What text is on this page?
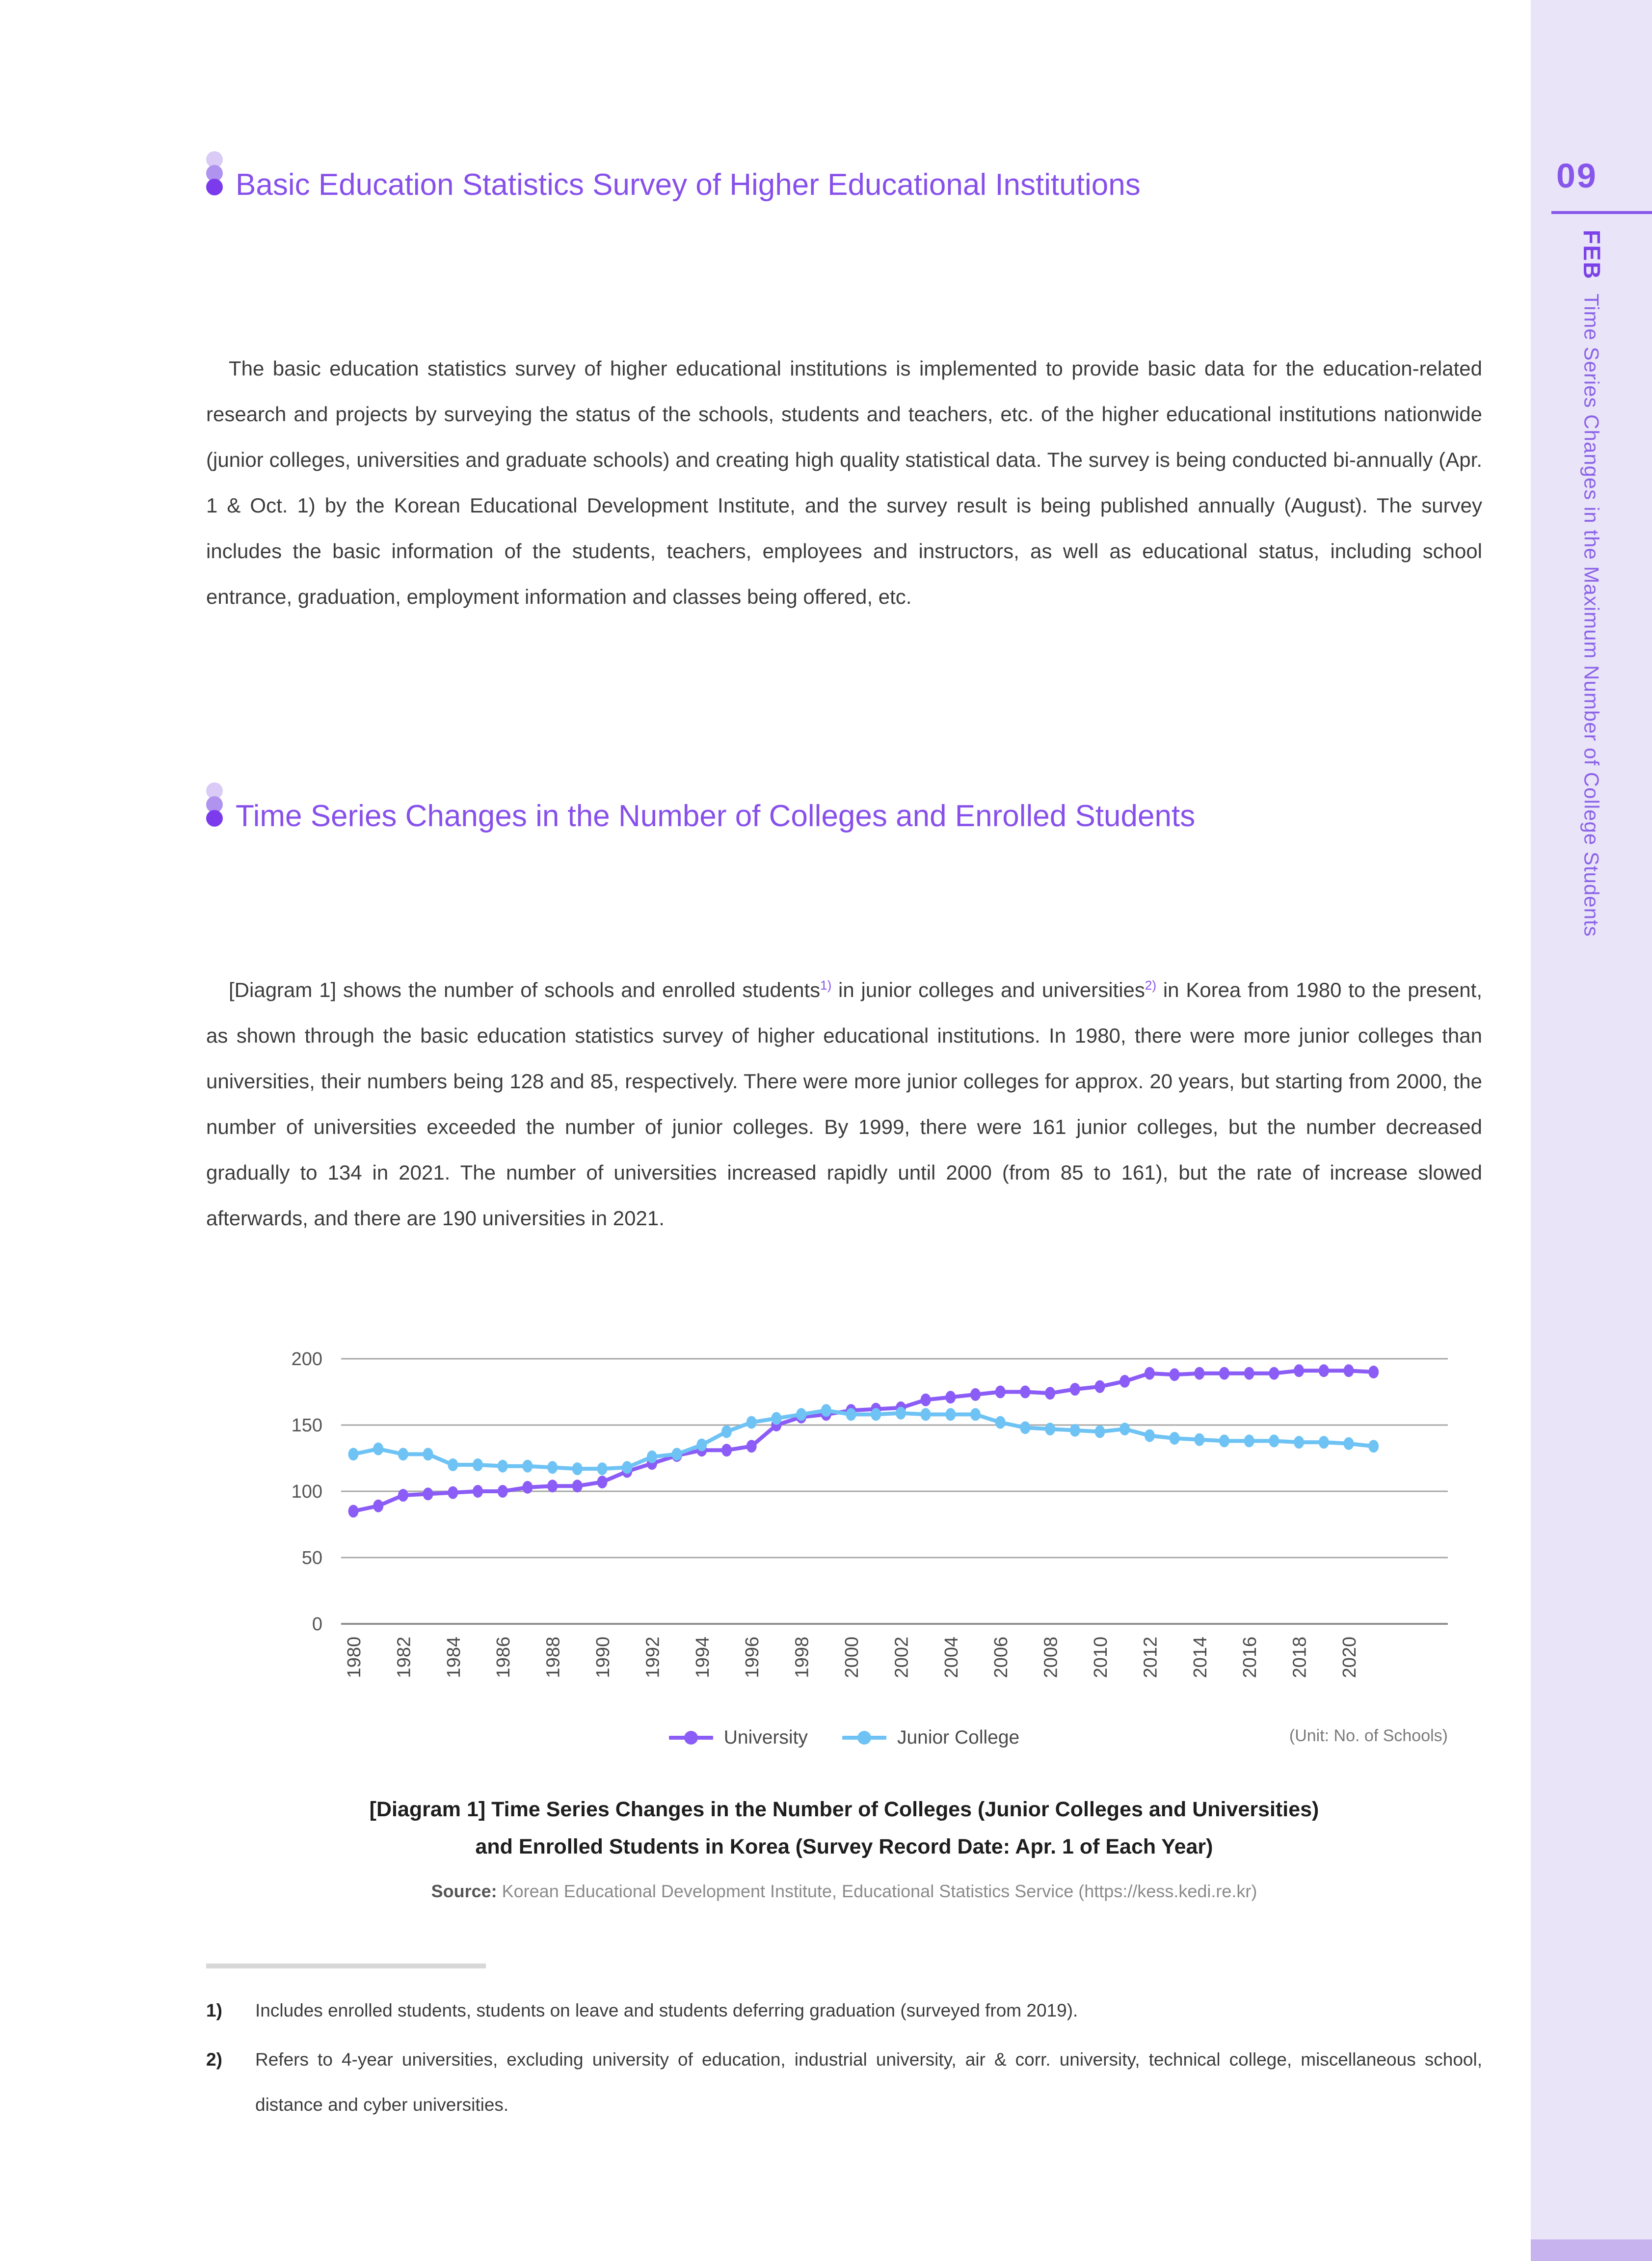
09
FEB
Time Series Changes in the Maximum Number of College Students
Basic Education Statistics Survey of Higher Educational Institutions

The basic education statistics survey of higher educational institutions is implemented to provide basic data for the education-related research and projects by surveying the status of the schools, students and teachers, etc. of the higher educational institutions nationwide (junior colleges, universities and graduate schools) and creating high quality statistical data. The survey is being conducted bi-annually (Apr. 1 & Oct. 1) by the Korean Educational Development Institute, and the survey result is being published annually (August). The survey includes the basic information of the students, teachers, employees and instructors, as well as educational status, including school entrance, graduation, employment information and classes being offered, etc.

Time Series Changes in the Number of Colleges and Enrolled Students

[Diagram 1] shows the number of schools and enrolled students$^{1)}$ in junior colleges and universities$^{2)}$ in Korea from 1980 to the present, as shown through the basic education statistics survey of higher educational institutions. In 1980, there were more junior colleges than universities, their numbers being 128 and 85, respectively. There were more junior colleges for approx. 20 years, but starting from 2000, the number of universities exceeded the number of junior colleges. By 1999, there were 161 junior colleges, but the number decreased gradually to 134 in 2021. The number of universities increased rapidly until 2000 (from 85 to 161), but the rate of increase slowed afterwards, and there are 190 universities in 2021.

0
50
100
150
200
1980 1982 1984 1986 1988 1990 1992 1994 1996 1998 2000 2002 2004 2006 2008 2010 2012 2014 2016 2018 2020
University	Junior College	(Unit: No. of Schools)
[Diagram 1] Time Series Changes in the Number of Colleges (Junior Colleges and Universities)
and Enrolled Students in Korea (Survey Record Date: Apr. 1 of Each Year)
Source: Korean Educational Development Institute, Educational Statistics Service (https://kess.kedi.re.kr)
1)	Includes enrolled students, students on leave and students deferring graduation (surveyed from 2019).
2)	Refers to 4-year universities, excluding university of education, industrial university, air & corr. university, technical college, miscellaneous school, distance and cyber universities.
